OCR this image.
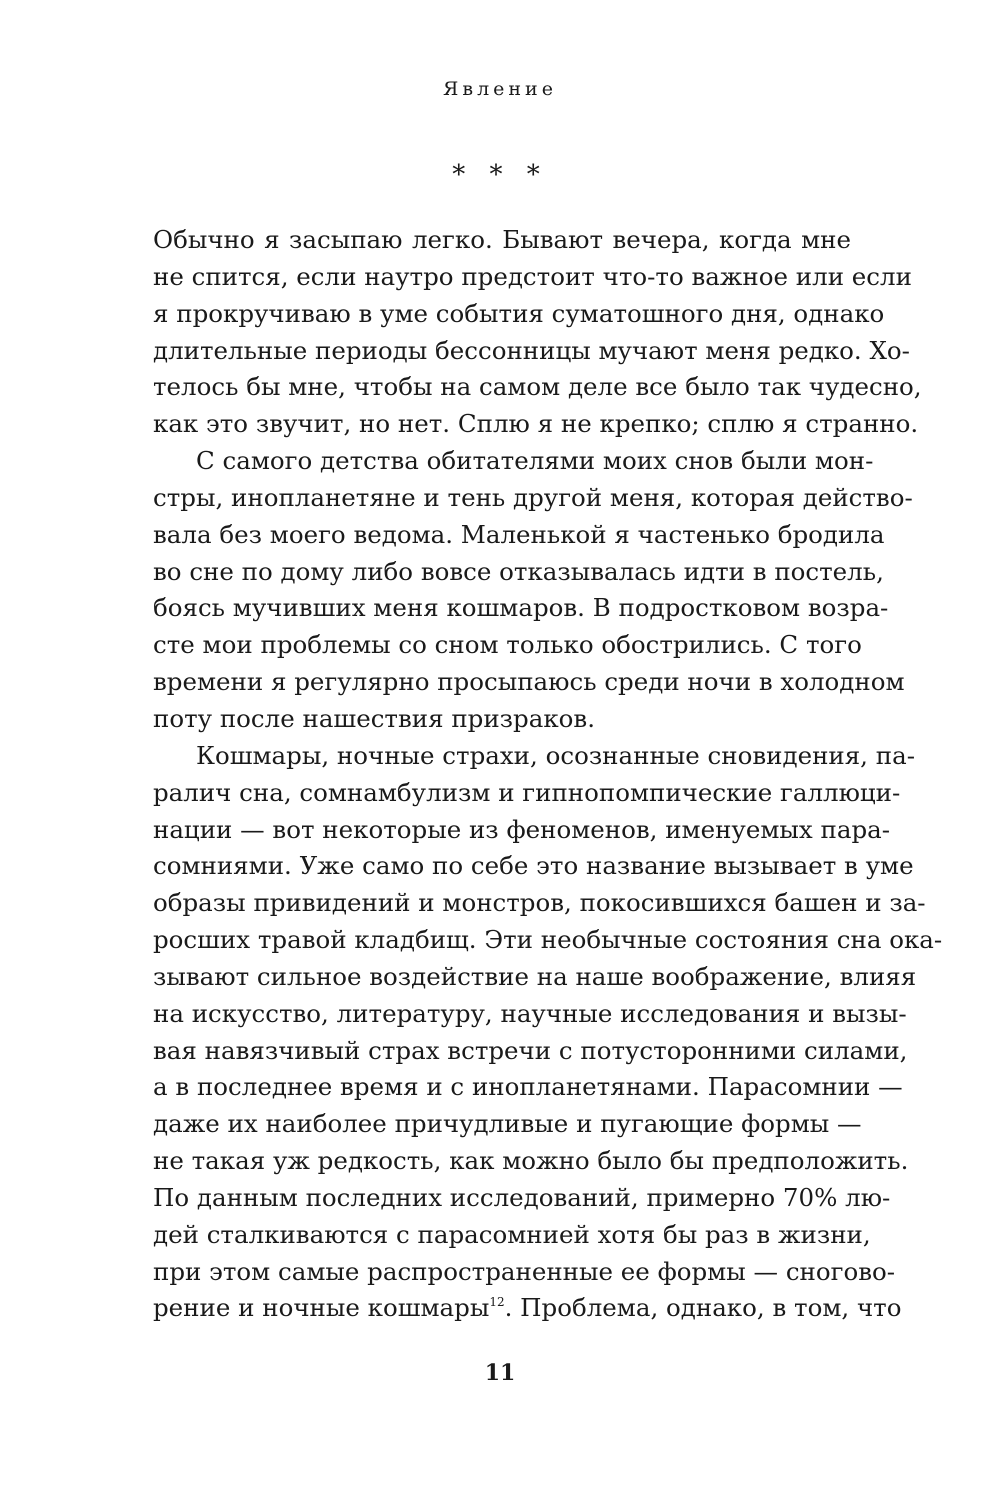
Явление
* * *
Обычно я засыпаю легко. Бывают вечера, когда мне
не спится, если наутро предстоит что-то важное или если
я прокручиваю в уме события суматошного дня, однако
длительные периоды бессонницы мучают меня редко. Хо-
телось бы мне, чтобы на самом деле все было так чудесно,
как это звучит, но нет. Сплю я не крепко; сплю я странно.
С самого детства обитателями моих снов были мон-
стры, инопланетяне и тень другой меня, которая действо-
вала без моего ведома. Маленькой я частенько бродила
во сне по дому либо вовсе отказывалась идти в постель,
боясь мучивших меня кошмаров. В подростковом возра-
сте мои проблемы со сном только обострились. С того
времени я регулярно просыпаюсь среди ночи в холодном
поту после нашествия призраков.
Кошмары, ночные страхи, осознанные сновидения, па-
ралич сна, сомнамбулизм и гипнопомпические галлюци-
нации — вот некоторые из феноменов, именуемых пара-
сомниями. Уже само по себе это название вызывает в уме
образы привидений и монстров, покосившихся башен и за-
росших травой кладбищ. Эти необычные состояния сна ока-
зывают сильное воздействие на наше воображение, влияя
на искусство, литературу, научные исследования и вызы-
вая навязчивый страх встречи с потусторонними силами,
а в последнее время и с инопланетянами. Парасомнии —
даже их наиболее причудливые и пугающие формы —
не такая уж редкость, как можно было бы предположить.
По данным последних исследований, примерно 70% лю-
дей сталкиваются с парасомнией хотя бы раз в жизни,
при этом самые распространенные ее формы — сногово-
рение и ночные кошмары$^{12}$. Проблема, однако, в том, что
11
